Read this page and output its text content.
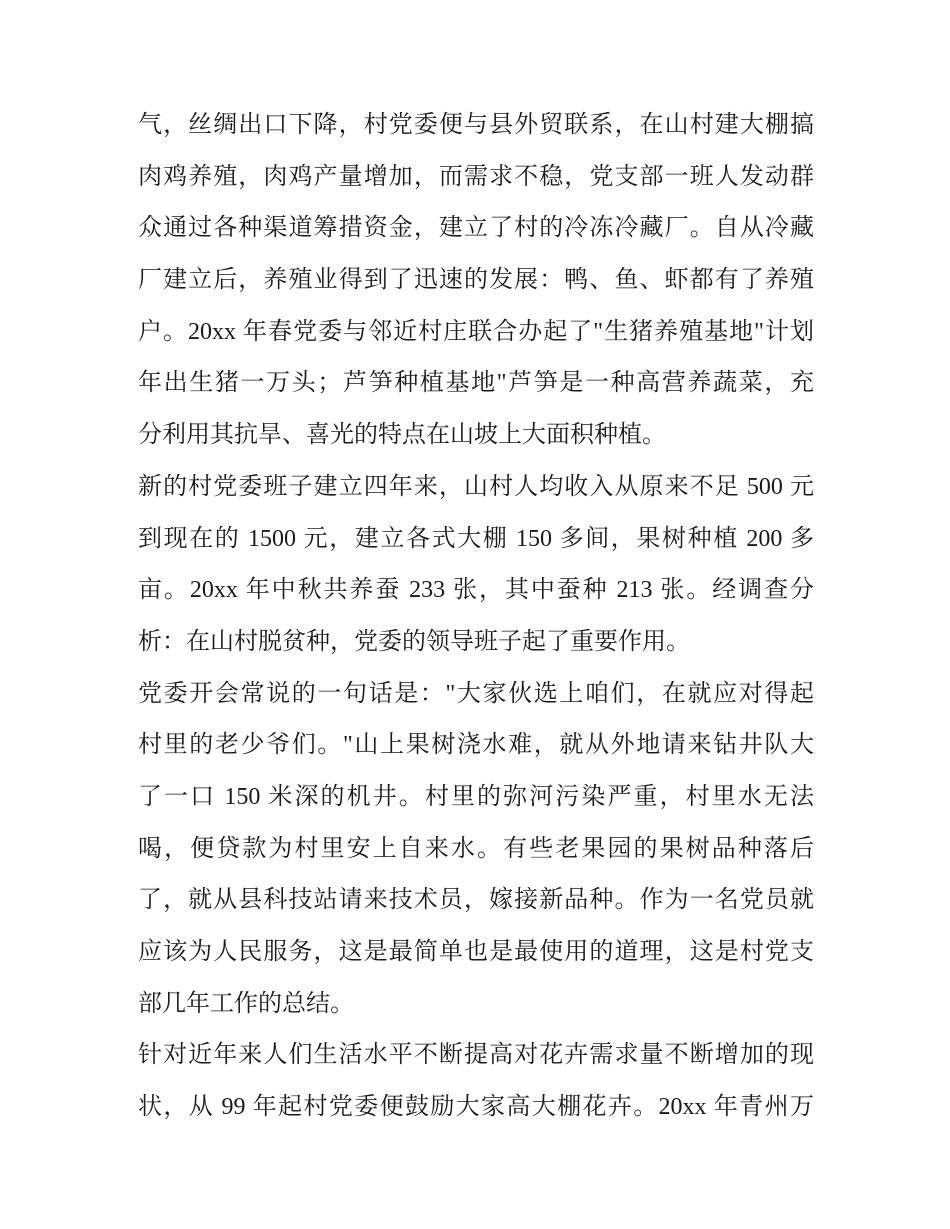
气，丝绸出口下降，村党委便与县外贸联系，在山村建大棚搞
肉鸡养殖，肉鸡产量增加，而需求不稳，党支部一班人发动群
众通过各种渠道筹措资金，建立了村的冷冻冷藏厂。自从冷藏
厂建立后，养殖业得到了迅速的发展：鸭、鱼、虾都有了养殖
户。20xx 年春党委与邻近村庄联合办起了"生猪养殖基地"计划
年出生猪一万头；芦笋种植基地"芦笋是一种高营养蔬菜，充
分利用其抗旱、喜光的特点在山坡上大面积种植。
新的村党委班子建立四年来，山村人均收入从原来不足 500 元
到现在的 1500 元，建立各式大棚 150 多间，果树种植 200 多
亩。20xx 年中秋共养蚕 233 张，其中蚕种 213 张。经调查分
析：在山村脱贫种，党委的领导班子起了重要作用。
党委开会常说的一句话是："大家伙选上咱们，在就应对得起
村里的老少爷们。"山上果树浇水难，就从外地请来钻井队大
了一口 150 米深的机井。村里的弥河污染严重，村里水无法
喝，便贷款为村里安上自来水。有些老果园的果树品种落后
了，就从县科技站请来技术员，嫁接新品种。作为一名党员就
应该为人民服务，这是最简单也是最使用的道理，这是村党支
部几年工作的总结。
针对近年来人们生活水平不断提高对花卉需求量不断增加的现
状，从 99 年起村党委便鼓励大家高大棚花卉。20xx 年青州万
